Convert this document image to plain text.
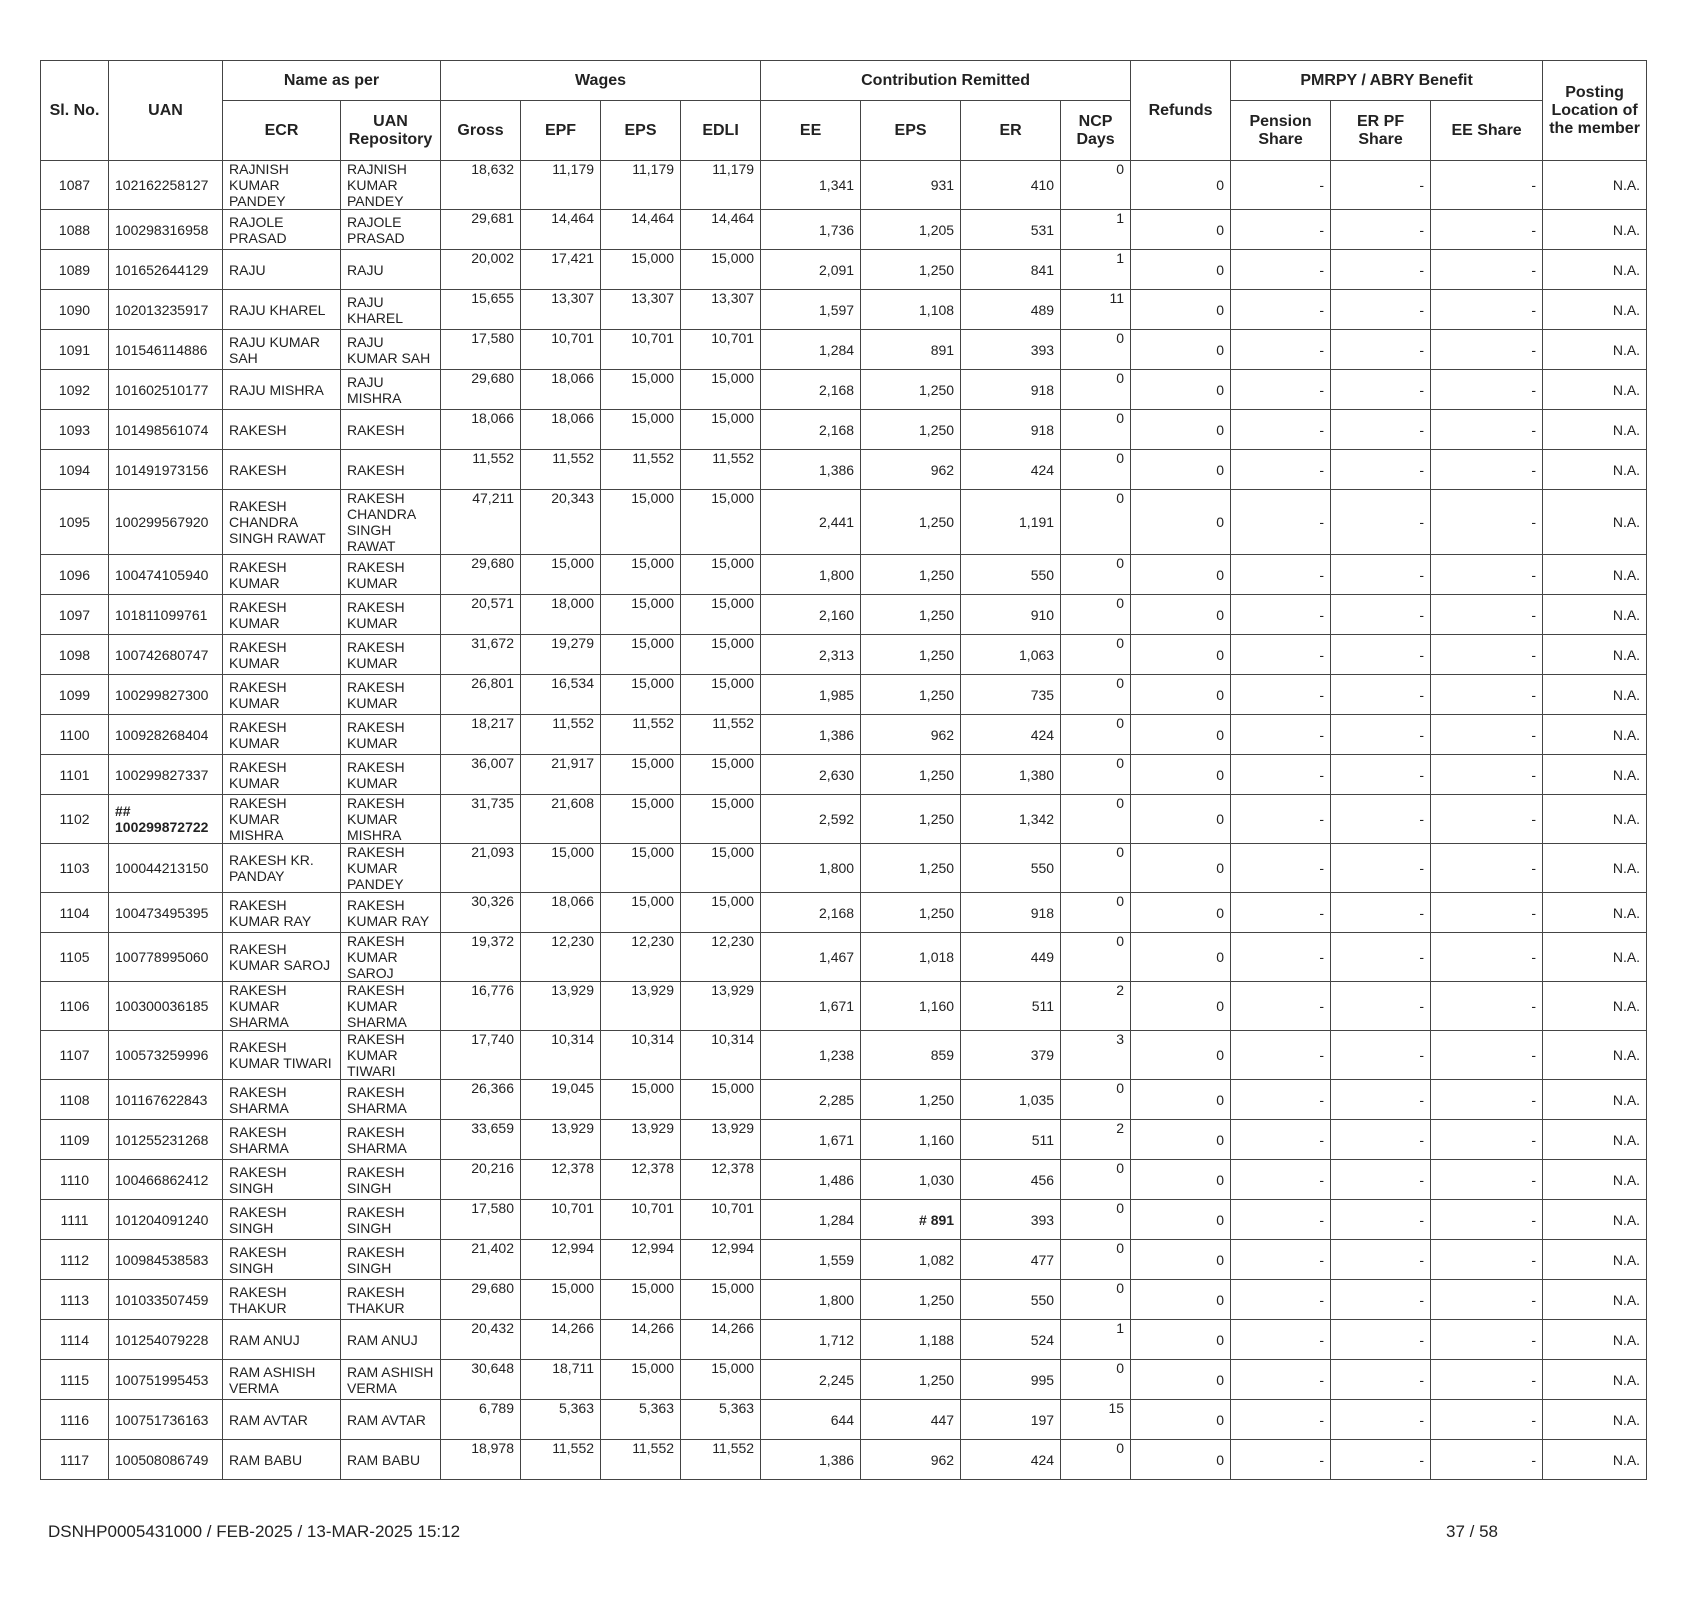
Sl. No.	UAN	Name as per		Wages				Contribution Remitted				Refunds	PMRPY / ABRY Benefit			Posting Location of the member
		ECR	UAN Repository	Gross	EPF	EPS	EDLI	EE	EPS	ER	NCP Days		Pension Share	ER PF Share	EE Share	
1087	102162258127	RAJNISH KUMAR PANDEY	RAJNISH KUMAR PANDEY	18,632	11,179	11,179	11,179	1,341	931	410	0	0	-	-	-	N.A.
1088	100298316958	RAJOLE PRASAD	RAJOLE PRASAD	29,681	14,464	14,464	14,464	1,736	1,205	531	1	0	-	-	-	N.A.
1089	101652644129	RAJU	RAJU	20,002	17,421	15,000	15,000	2,091	1,250	841	1	0	-	-	-	N.A.
1090	102013235917	RAJU KHAREL	RAJU KHAREL	15,655	13,307	13,307	13,307	1,597	1,108	489	11	0	-	-	-	N.A.
1091	101546114886	RAJU KUMAR SAH	RAJU KUMAR SAH	17,580	10,701	10,701	10,701	1,284	891	393	0	0	-	-	-	N.A.
1092	101602510177	RAJU MISHRA	RAJU MISHRA	29,680	18,066	15,000	15,000	2,168	1,250	918	0	0	-	-	-	N.A.
1093	101498561074	RAKESH	RAKESH	18,066	18,066	15,000	15,000	2,168	1,250	918	0	0	-	-	-	N.A.
1094	101491973156	RAKESH	RAKESH	11,552	11,552	11,552	11,552	1,386	962	424	0	0	-	-	-	N.A.
1095	100299567920	RAKESH CHANDRA SINGH RAWAT	RAKESH CHANDRA SINGH RAWAT	47,211	20,343	15,000	15,000	2,441	1,250	1,191	0	0	-	-	-	N.A.
1096	100474105940	RAKESH KUMAR	RAKESH KUMAR	29,680	15,000	15,000	15,000	1,800	1,250	550	0	0	-	-	-	N.A.
1097	101811099761	RAKESH KUMAR	RAKESH KUMAR	20,571	18,000	15,000	15,000	2,160	1,250	910	0	0	-	-	-	N.A.
1098	100742680747	RAKESH KUMAR	RAKESH KUMAR	31,672	19,279	15,000	15,000	2,313	1,250	1,063	0	0	-	-	-	N.A.
1099	100299827300	RAKESH KUMAR	RAKESH KUMAR	26,801	16,534	15,000	15,000	1,985	1,250	735	0	0	-	-	-	N.A.
1100	100928268404	RAKESH KUMAR	RAKESH KUMAR	18,217	11,552	11,552	11,552	1,386	962	424	0	0	-	-	-	N.A.
1101	100299827337	RAKESH KUMAR	RAKESH KUMAR	36,007	21,917	15,000	15,000	2,630	1,250	1,380	0	0	-	-	-	N.A.
1102	## 100299872722	RAKESH KUMAR MISHRA	RAKESH KUMAR MISHRA	31,735	21,608	15,000	15,000	2,592	1,250	1,342	0	0	-	-	-	N.A.
1103	100044213150	RAKESH KR. PANDAY	RAKESH KUMAR PANDEY	21,093	15,000	15,000	15,000	1,800	1,250	550	0	0	-	-	-	N.A.
1104	100473495395	RAKESH KUMAR RAY	RAKESH KUMAR RAY	30,326	18,066	15,000	15,000	2,168	1,250	918	0	0	-	-	-	N.A.
1105	100778995060	RAKESH KUMAR SAROJ	RAKESH KUMAR SAROJ	19,372	12,230	12,230	12,230	1,467	1,018	449	0	0	-	-	-	N.A.
1106	100300036185	RAKESH KUMAR SHARMA	RAKESH KUMAR SHARMA	16,776	13,929	13,929	13,929	1,671	1,160	511	2	0	-	-	-	N.A.
1107	100573259996	RAKESH KUMAR TIWARI	RAKESH KUMAR TIWARI	17,740	10,314	10,314	10,314	1,238	859	379	3	0	-	-	-	N.A.
1108	101167622843	RAKESH SHARMA	RAKESH SHARMA	26,366	19,045	15,000	15,000	2,285	1,250	1,035	0	0	-	-	-	N.A.
1109	101255231268	RAKESH SHARMA	RAKESH SHARMA	33,659	13,929	13,929	13,929	1,671	1,160	511	2	0	-	-	-	N.A.
1110	100466862412	RAKESH SINGH	RAKESH SINGH	20,216	12,378	12,378	12,378	1,486	1,030	456	0	0	-	-	-	N.A.
1111	101204091240	RAKESH SINGH	RAKESH SINGH	17,580	10,701	10,701	10,701	1,284	# 891	393	0	0	-	-	-	N.A.
1112	100984538583	RAKESH SINGH	RAKESH SINGH	21,402	12,994	12,994	12,994	1,559	1,082	477	0	0	-	-	-	N.A.
1113	101033507459	RAKESH THAKUR	RAKESH THAKUR	29,680	15,000	15,000	15,000	1,800	1,250	550	0	0	-	-	-	N.A.
1114	101254079228	RAM ANUJ	RAM ANUJ	20,432	14,266	14,266	14,266	1,712	1,188	524	1	0	-	-	-	N.A.
1115	100751995453	RAM ASHISH VERMA	RAM ASHISH VERMA	30,648	18,711	15,000	15,000	2,245	1,250	995	0	0	-	-	-	N.A.
1116	100751736163	RAM AVTAR	RAM AVTAR	6,789	5,363	5,363	5,363	644	447	197	15	0	-	-	-	N.A.
1117	100508086749	RAM BABU	RAM BABU	18,978	11,552	11,552	11,552	1,386	962	424	0	0	-	-	-	N.A.
DSNHP0005431000 / FEB-2025 / 13-MAR-2025 15:12	37 / 58
